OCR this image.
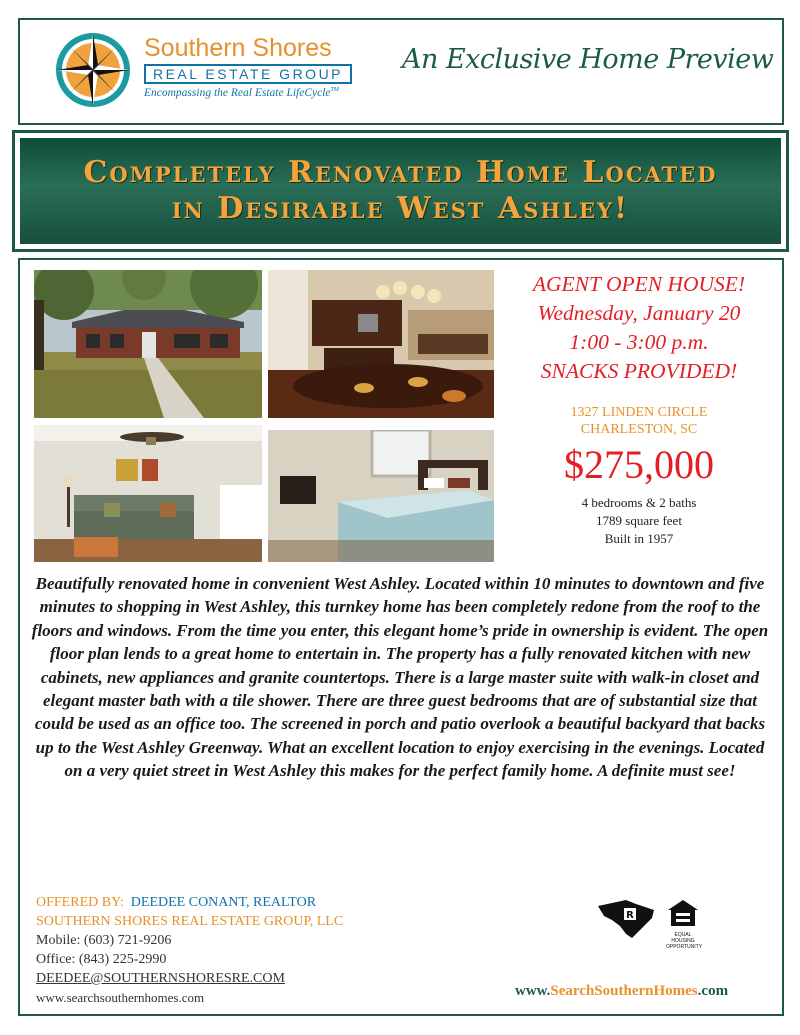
Southern Shores
REAL ESTATE GROUP
Encompassing the Real Estate LifeCycle™
An Exclusive Home Preview
Completely Renovated Home Located
in Desirable West Ashley!
AGENT OPEN HOUSE!
Wednesday, January 20
1:00 - 3:00 p.m.
SNACKS PROVIDED!
1327 LINDEN CIRCLE
CHARLESTON, SC
$275,000
4 bedrooms & 2 baths
1789 square feet
Built in 1957

Beautifully renovated home in convenient West Ashley. Located within 10 minutes to downtown and five minutes to shopping in West Ashley, this turnkey home has been completely redone from the roof to the floors and windows. From the time you enter, this elegant home’s pride in ownership is evident. The open floor plan lends to a great home to entertain in. The property has a fully renovated kitchen with new cabinets, new appliances and granite countertops. There is a large master suite with walk-in closet and elegant master bath with a tile shower. There are three guest bedrooms that are of substantial size that could be used as an office too. The screened in porch and patio overlook a beautiful backyard that backs up to the West Ashley Greenway. What an excellent location to enjoy exercising in the evenings. Located on a very quiet street in West Ashley this makes for the perfect family home. A definite must see!

OFFERED BY: DEEDEE CONANT, REALTOR
SOUTHERN SHORES REAL ESTATE GROUP, LLC
Mobile: (603) 721-9206
Office: (843) 225-2990
DEEDEE@SOUTHERNSHORESRE.COM
www.searchsouthernhomes.com
R
EQUAL HOUSING
OPPORTUNITY
www.SearchSouthernHomes.com
